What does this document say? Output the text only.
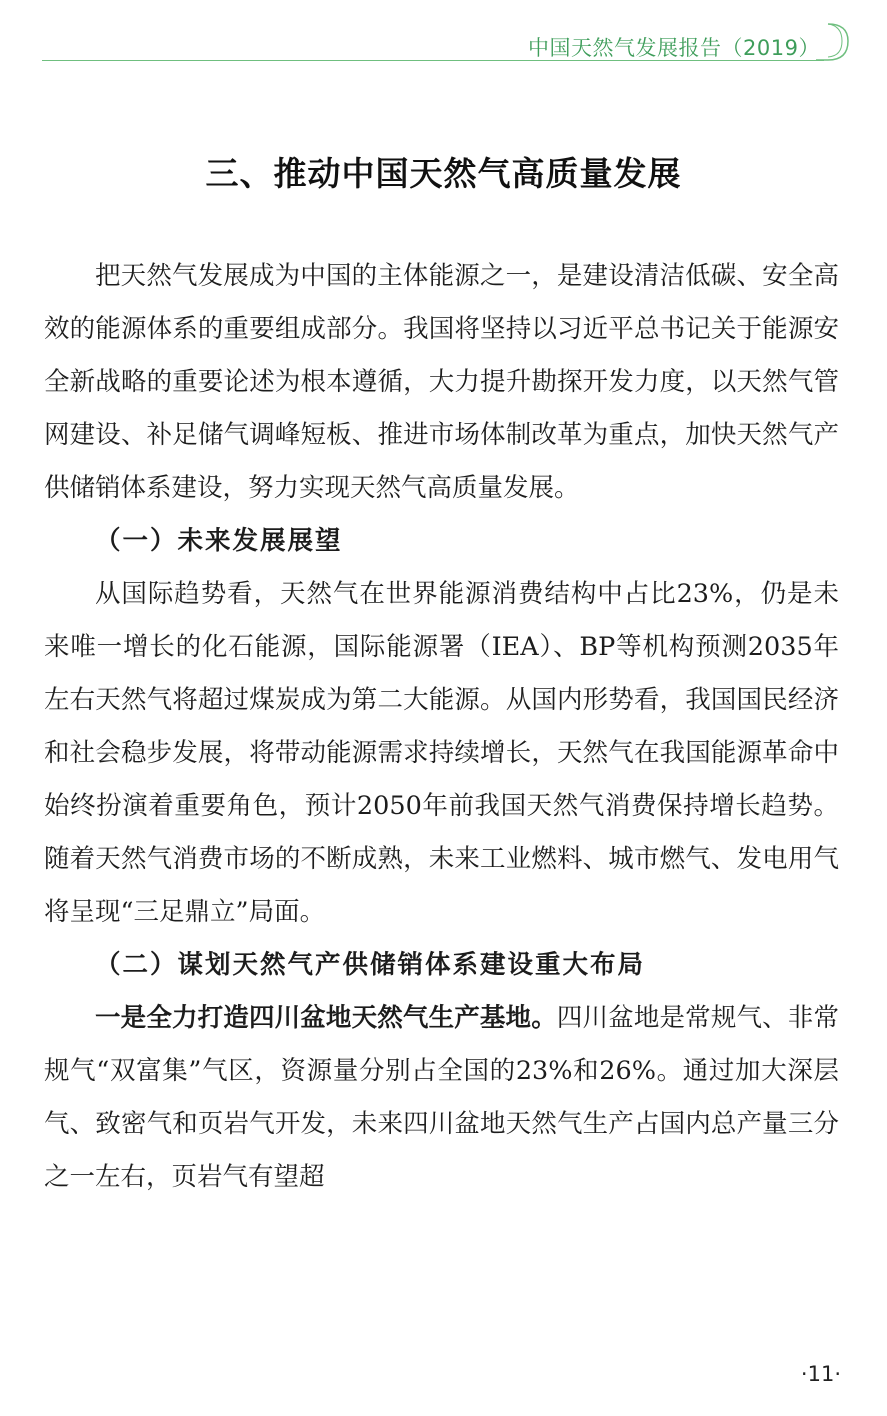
中国天然气发展报告（2019）
三、推动中国天然气高质量发展

把天然气发展成为中国的主体能源之一，是建设清洁低碳、安全高效的能源体系的重要组成部分。我国将坚持以习近平总书记关于能源安全新战略的重要论述为根本遵循，大力提升勘探开发力度，以天然气管网建设、补足储气调峰短板、推进市场体制改革为重点，加快天然气产供储销体系建设，努力实现天然气高质量发展。

（一）未来发展展望

从国际趋势看，天然气在世界能源消费结构中占比23%，仍是未来唯一增长的化石能源，国际能源署（IEA）、BP等机构预测2035年左右天然气将超过煤炭成为第二大能源。从国内形势看，我国国民经济和社会稳步发展，将带动能源需求持续增长，天然气在我国能源革命中始终扮演着重要角色，预计2050年前我国天然气消费保持增长趋势。随着天然气消费市场的不断成熟，未来工业燃料、城市燃气、发电用气将呈现“三足鼎立”局面。

（二）谋划天然气产供储销体系建设重大布局

一是全力打造四川盆地天然气生产基地。四川盆地是常规气、非常规气“双富集”气区，资源量分别占全国的23%和26%。通过加大深层气、致密气和页岩气开发，未来四川盆地天然气生产占国内总产量三分之一左右，页岩气有望超

·11·
